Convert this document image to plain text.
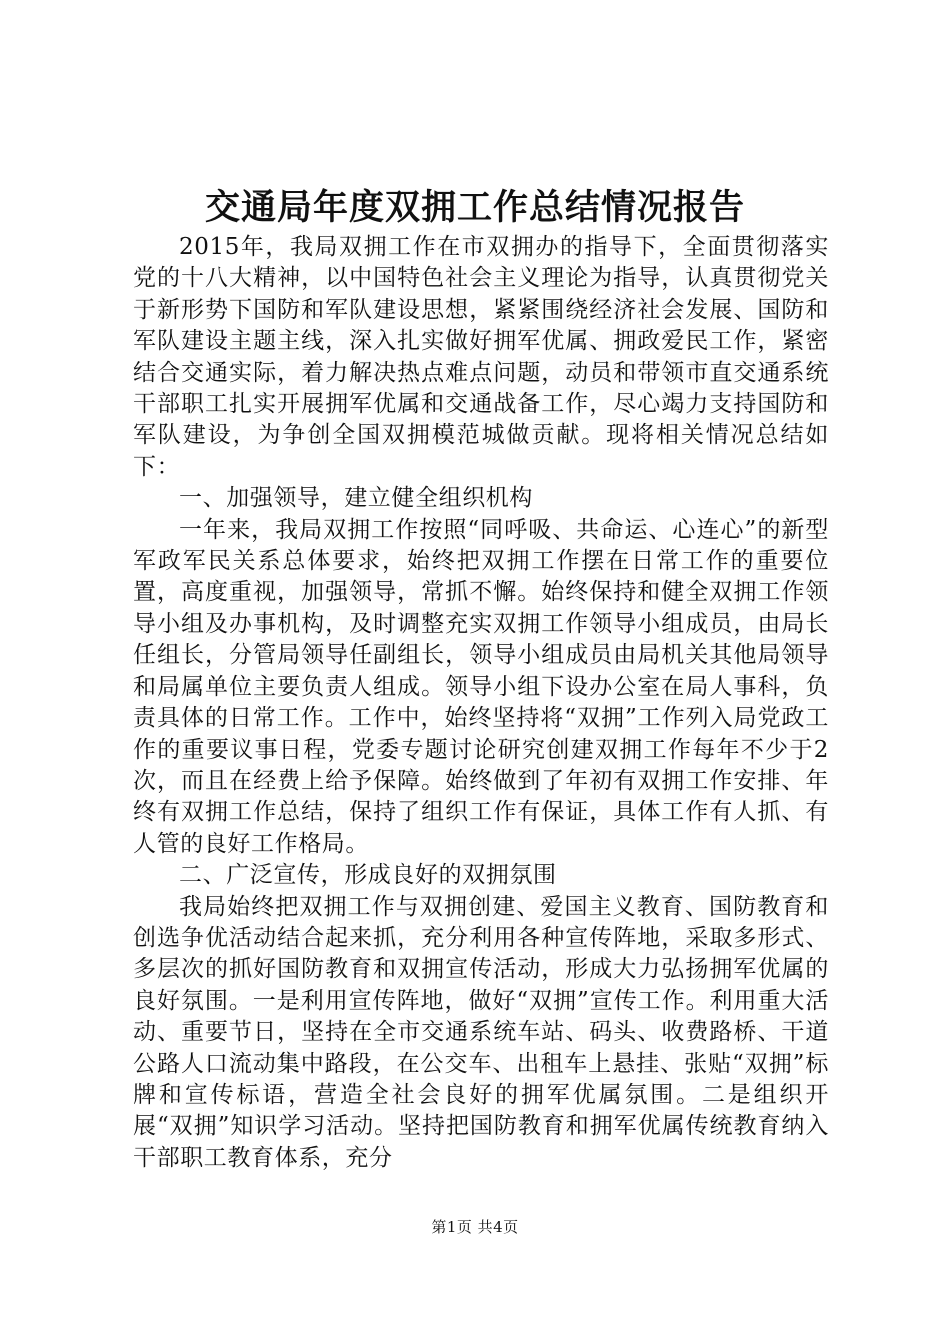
交通局年度双拥工作总结情况报告

2015年，我局双拥工作在市双拥办的指导下，全面贯彻落实党的十八大精神，以中国特色社会主义理论为指导，认真贯彻党关于新形势下国防和军队建设思想，紧紧围绕经济社会发展、国防和军队建设主题主线，深入扎实做好拥军优属、拥政爱民工作，紧密结合交通实际，着力解决热点难点问题，动员和带领市直交通系统干部职工扎实开展拥军优属和交通战备工作，尽心竭力支持国防和军队建设，为争创全国双拥模范城做贡献。现将相关情况总结如下：

一、加强领导，建立健全组织机构

一年来，我局双拥工作按照“同呼吸、共命运、心连心”的新型军政军民关系总体要求，始终把双拥工作摆在日常工作的重要位置，高度重视，加强领导，常抓不懈。始终保持和健全双拥工作领导小组及办事机构，及时调整充实双拥工作领导小组成员，由局长任组长，分管局领导任副组长，领导小组成员由局机关其他局领导和局属单位主要负责人组成。领导小组下设办公室在局人事科，负责具体的日常工作。工作中，始终坚持将“双拥”工作列入局党政工作的重要议事日程，党委专题讨论研究创建双拥工作每年不少于2次，而且在经费上给予保障。始终做到了年初有双拥工作安排、年终有双拥工作总结，保持了组织工作有保证，具体工作有人抓、有人管的良好工作格局。

二、广泛宣传，形成良好的双拥氛围

我局始终把双拥工作与双拥创建、爱国主义教育、国防教育和创选争优活动结合起来抓，充分利用各种宣传阵地，采取多形式、多层次的抓好国防教育和双拥宣传活动，形成大力弘扬拥军优属的良好氛围。一是利用宣传阵地，做好“双拥”宣传工作。利用重大活动、重要节日，坚持在全市交通系统车站、码头、收费路桥、干道公路人口流动集中路段，在公交车、出租车上悬挂、张贴“双拥”标牌和宣传标语，营造全社会良好的拥军优属氛围。二是组织开展“双拥”知识学习活动。坚持把国防教育和拥军优属传统教育纳入干部职工教育体系，充分

第1页 共4页
